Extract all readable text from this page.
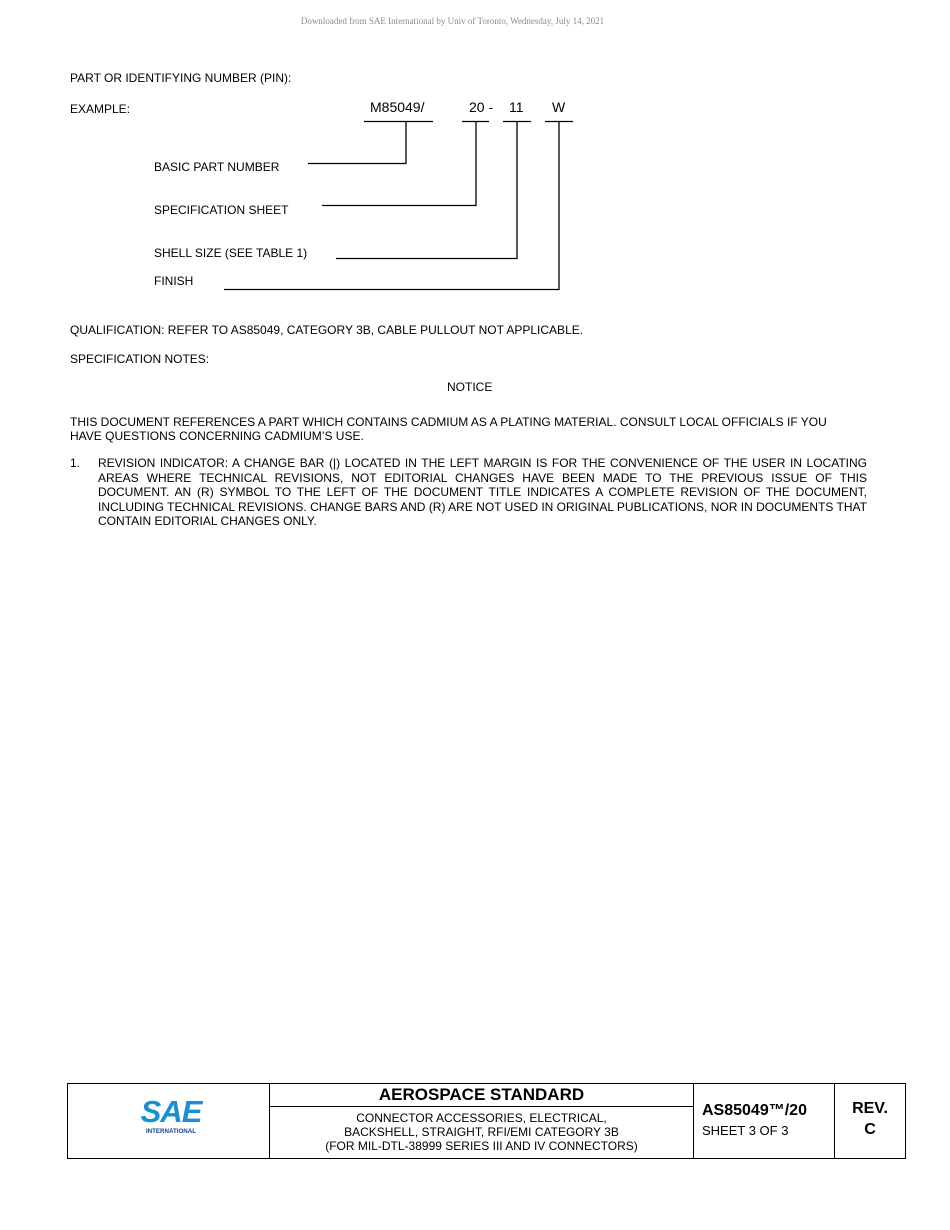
Downloaded from SAE International by Univ of Toronto, Wednesday, July 14, 2021
PART OR IDENTIFYING NUMBER (PIN):
EXAMPLE:	M85049/	20 - 11 W
BASIC PART NUMBER
SPECIFICATION SHEET
SHELL SIZE (SEE TABLE 1)
FINISH
QUALIFICATION: REFER TO AS85049, CATEGORY 3B, CABLE PULLOUT NOT APPLICABLE.
SPECIFICATION NOTES:
NOTICE
THIS DOCUMENT REFERENCES A PART WHICH CONTAINS CADMIUM AS A PLATING MATERIAL. CONSULT LOCAL OFFICIALS IF YOU HAVE QUESTIONS CONCERNING CADMIUM’S USE.
1. REVISION INDICATOR: A CHANGE BAR (|) LOCATED IN THE LEFT MARGIN IS FOR THE CONVENIENCE OF THE USER IN LOCATING AREAS WHERE TECHNICAL REVISIONS, NOT EDITORIAL CHANGES HAVE BEEN MADE TO THE PREVIOUS ISSUE OF THIS DOCUMENT. AN (R) SYMBOL TO THE LEFT OF THE DOCUMENT TITLE INDICATES A COMPLETE REVISION OF THE DOCUMENT, INCLUDING TECHNICAL REVISIONS. CHANGE BARS AND (R) ARE NOT USED IN ORIGINAL PUBLICATIONS, NOR IN DOCUMENTS THAT CONTAIN EDITORIAL CHANGES ONLY.
SAE
INTERNATIONAL
AEROSPACE STANDARD
CONNECTOR ACCESSORIES, ELECTRICAL,
BACKSHELL, STRAIGHT, RFI/EMI CATEGORY 3B
(FOR MIL-DTL-38999 SERIES III AND IV CONNECTORS)
AS85049™/20
SHEET 3 OF 3
REV.
C
